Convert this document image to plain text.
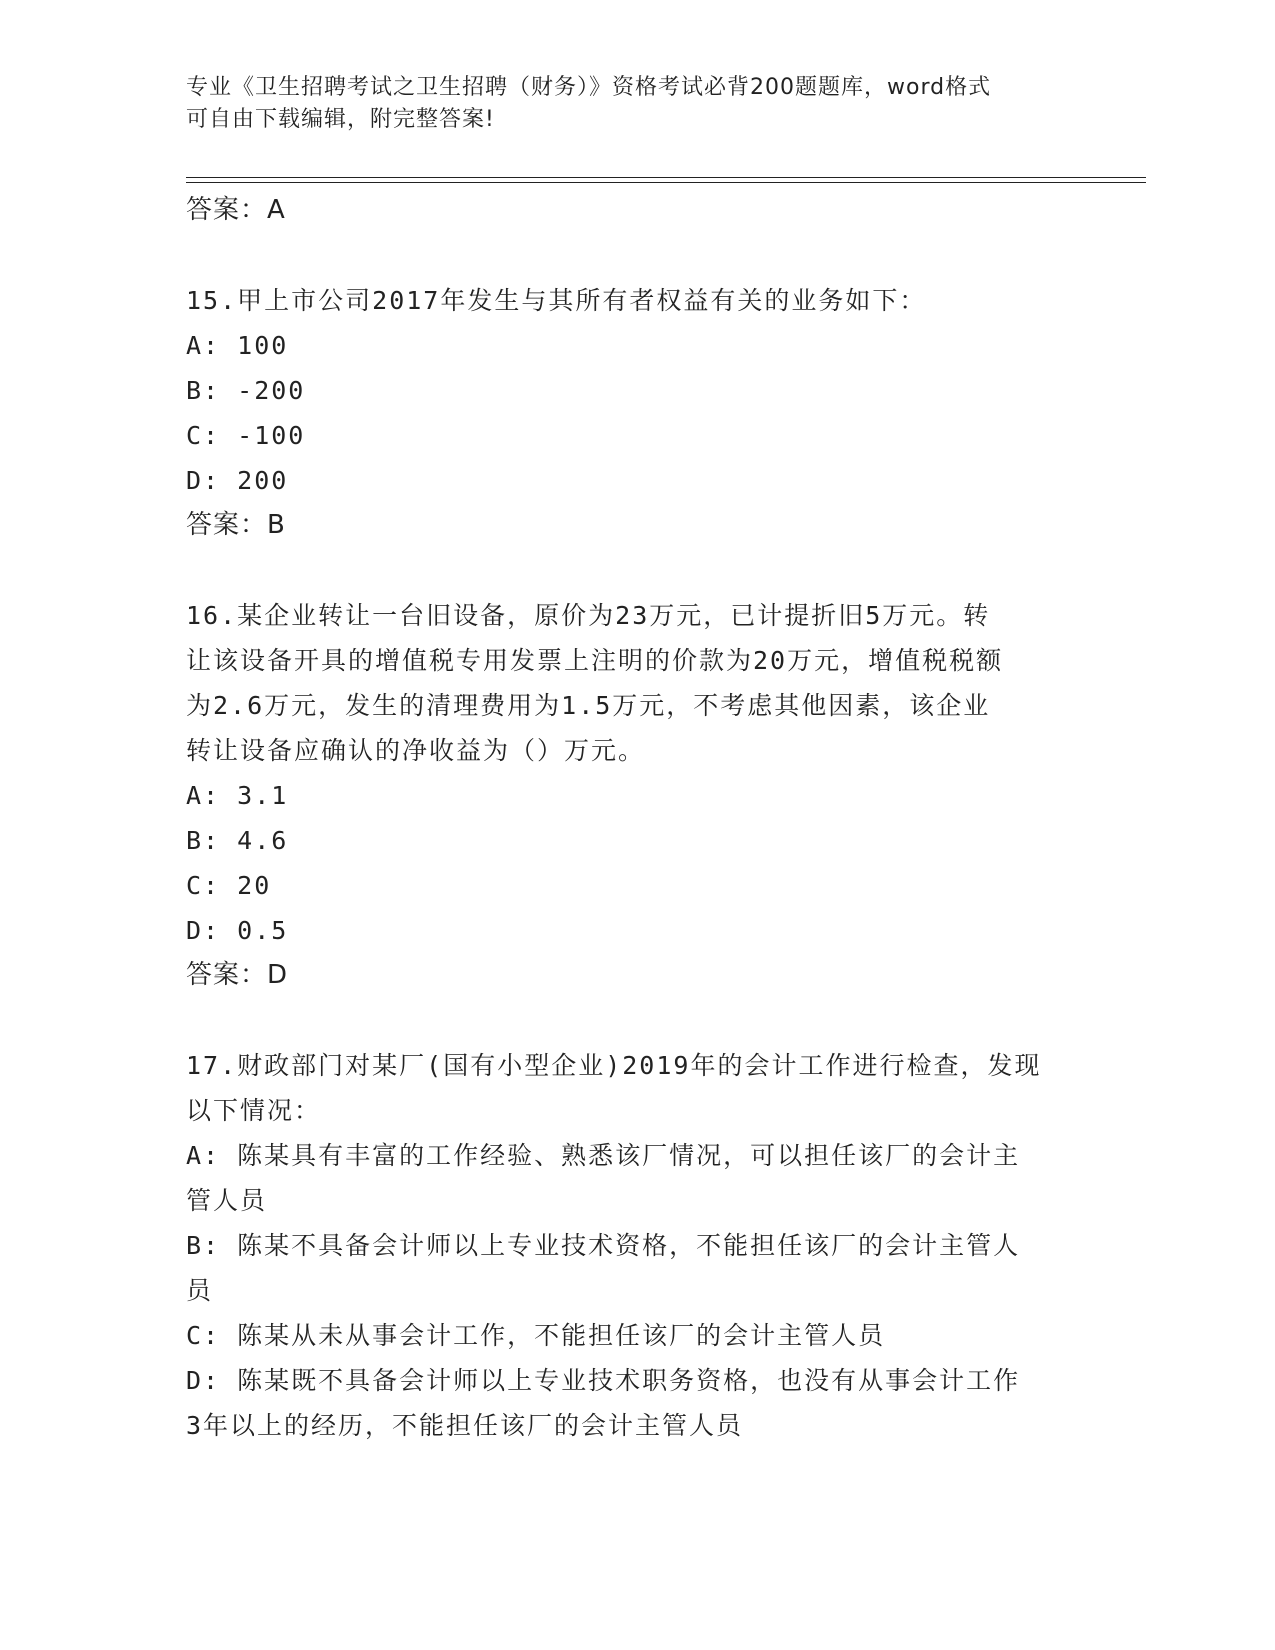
专业《卫生招聘考试之卫生招聘（财务）》资格考试必背200题题库，word格式
可自由下载编辑，附完整答案!
答案：A
15.甲上市公司2017年发生与其所有者权益有关的业务如下：
A: 100
B: -200
C: -100
D: 200
答案：B
16.某企业转让一台旧设备，原价为23万元，已计提折旧5万元。转
让该设备开具的增值税专用发票上注明的价款为20万元，增值税税额
为2.6万元，发生的清理费用为1.5万元，不考虑其他因素，该企业
转让设备应确认的净收益为（）万元。
A: 3.1
B: 4.6
C: 20
D: 0.5
答案：D
17.财政部门对某厂(国有小型企业)2019年的会计工作进行检查，发现
以下情况：
A: 陈某具有丰富的工作经验、熟悉该厂情况，可以担任该厂的会计主
管人员
B: 陈某不具备会计师以上专业技术资格，不能担任该厂的会计主管人
员
C: 陈某从未从事会计工作，不能担任该厂的会计主管人员
D: 陈某既不具备会计师以上专业技术职务资格，也没有从事会计工作
3年以上的经历，不能担任该厂的会计主管人员
